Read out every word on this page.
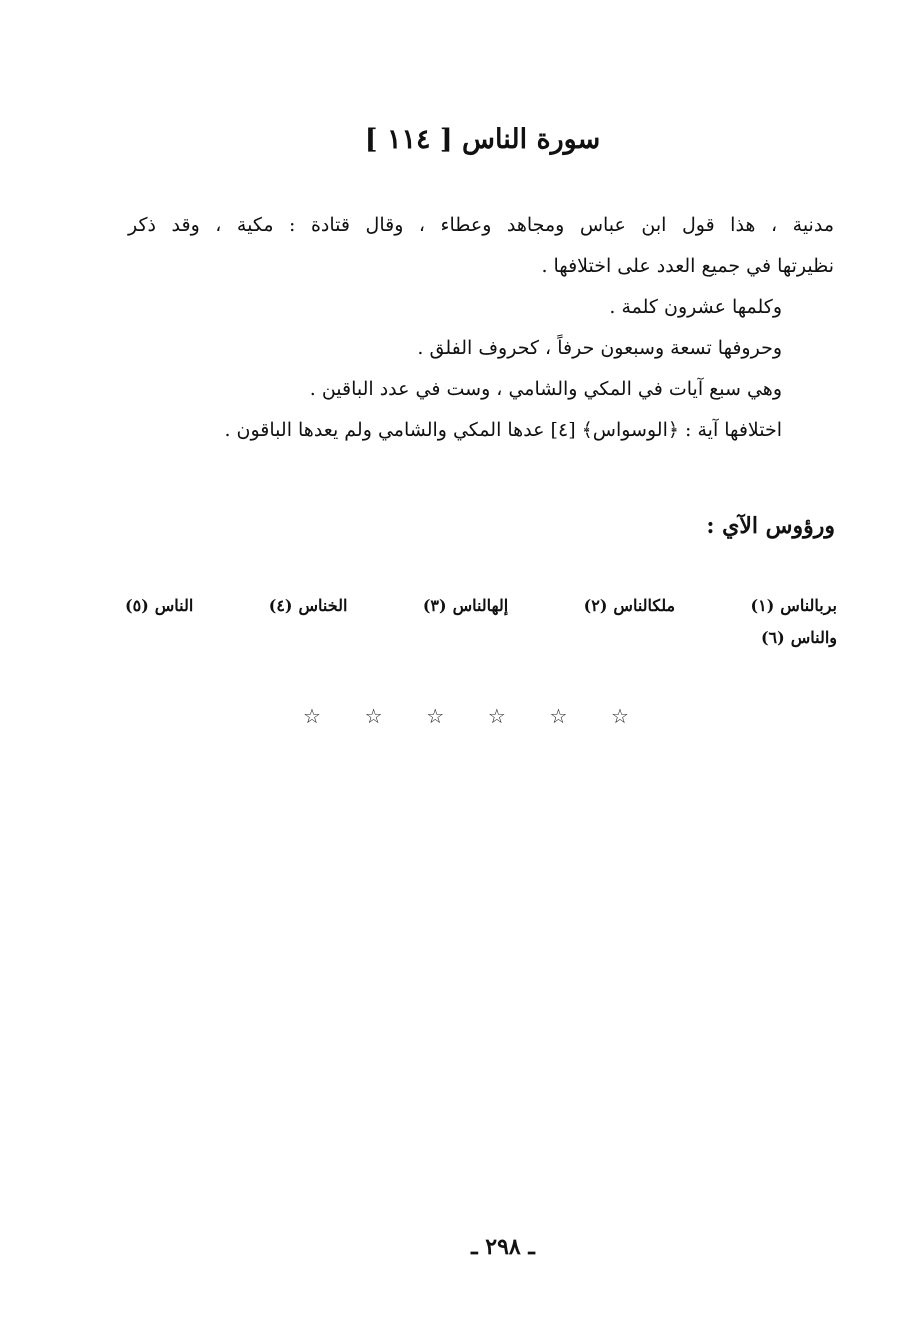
سورة الناس [ ١١٤ ]
مدنية ، هذا قول ابن عباس ومجاهد وعطاء ، وقال قتادة : مكية ، وقد ذكر
نظيرتها في جميع العدد على اختلافها .
وكلمها عشرون كلمة .
وحروفها تسعة وسبعون حرفاً ، كحروف الفلق .
وهي سبع آيات في المكي والشامي ، وست في عدد الباقين .
اختلافها آية : ﴿الوسواس﴾ [٤] عدها المكي والشامي ولم يعدها الباقون .
ورؤوس الآي :
بربالناس(١)
ملكالناس(٢)
إلهالناس(٣)
الخناس(٤)
الناس(٥)
والناس(٦)
☆ ☆ ☆ ☆ ☆ ☆
ـ ٢٩٨ ـ
